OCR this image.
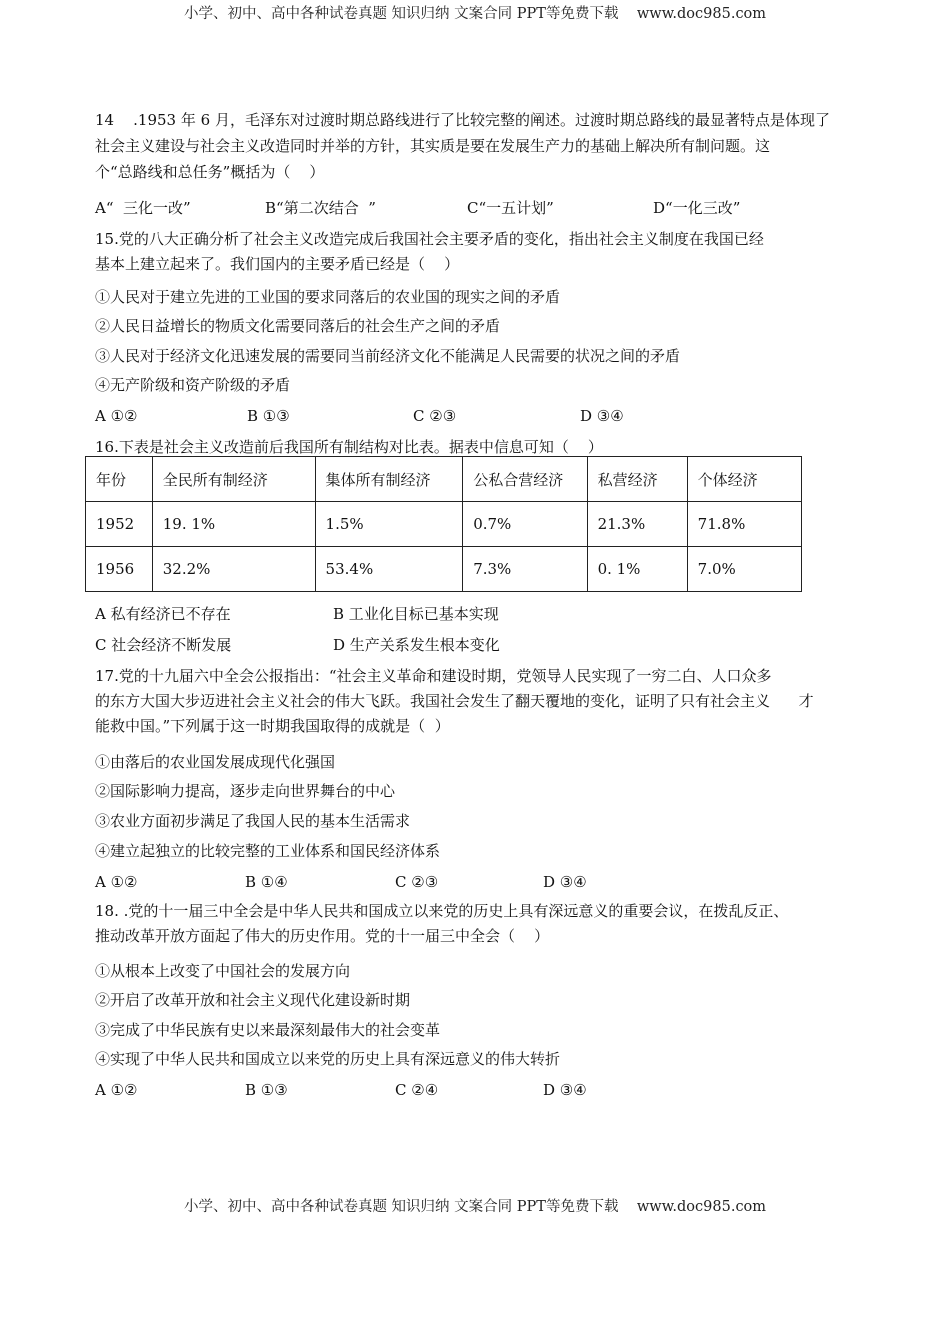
小学、初中、高中各种试卷真题 知识归纳 文案合同 PPT等免费下载    www.doc985.com
14    .1953 年 6 月，毛泽东对过渡时期总路线进行了比较完整的阐述。过渡时期总路线的最显著特点是体现了
社会主义建设与社会主义改造同时并举的方针，其实质是要在发展生产力的基础上解决所有制问题。这
个“总路线和总任务”概括为（    ）
A“  三化一改”	B“第二次结合  ”	C“一五计划”	D“一化三改”
15.党的八大正确分析了社会主义改造完成后我国社会主要矛盾的变化，指出社会主义制度在我国已经
基本上建立起来了。我们国内的主要矛盾已经是（    ）
①人民对于建立先进的工业国的要求同落后的农业国的现实之间的矛盾
②人民日益增长的物质文化需要同落后的社会生产之间的矛盾
③人民对于经济文化迅速发展的需要同当前经济文化不能满足人民需要的状况之间的矛盾
④无产阶级和资产阶级的矛盾
A ①②	B ①③	C ②③	D ③④
16.下表是社会主义改造前后我国所有制结构对比表。据表中信息可知（    ）
年份	全民所有制经济	集体所有制经济	公私合营经济	私营经济	个体经济
1952	19. 1%	1.5%	0.7%	21.3%	71.8%
1956	32.2%	53.4%	7.3%	0. 1%	7.0%
A 私有经济已不存在	B 工业化目标已基本实现
C 社会经济不断发展	D 生产关系发生根本变化
17.党的十九届六中全会公报指出：“社会主义革命和建设时期，党领导人民实现了一穷二白、人口众多
的东方大国大步迈进社会主义社会的伟大飞跃。我国社会发生了翻天覆地的变化，证明了只有社会主义      才
能救中国。”下列属于这一时期我国取得的成就是（  ）
①由落后的农业国发展成现代化强国
②国际影响力提高，逐步走向世界舞台的中心
③农业方面初步满足了我国人民的基本生活需求
④建立起独立的比较完整的工业体系和国民经济体系
A ①②	B ①④	C ②③	D ③④
18. .党的十一届三中全会是中华人民共和国成立以来党的历史上具有深远意义的重要会议，在拨乱反正、
推动改革开放方面起了伟大的历史作用。党的十一届三中全会（    ）
①从根本上改变了中国社会的发展方向
②开启了改革开放和社会主义现代化建设新时期
③完成了中华民族有史以来最深刻最伟大的社会变革
④实现了中华人民共和国成立以来党的历史上具有深远意义的伟大转折
A ①②	B ①③	C ②④	D ③④
小学、初中、高中各种试卷真题 知识归纳 文案合同 PPT等免费下载    www.doc985.com
